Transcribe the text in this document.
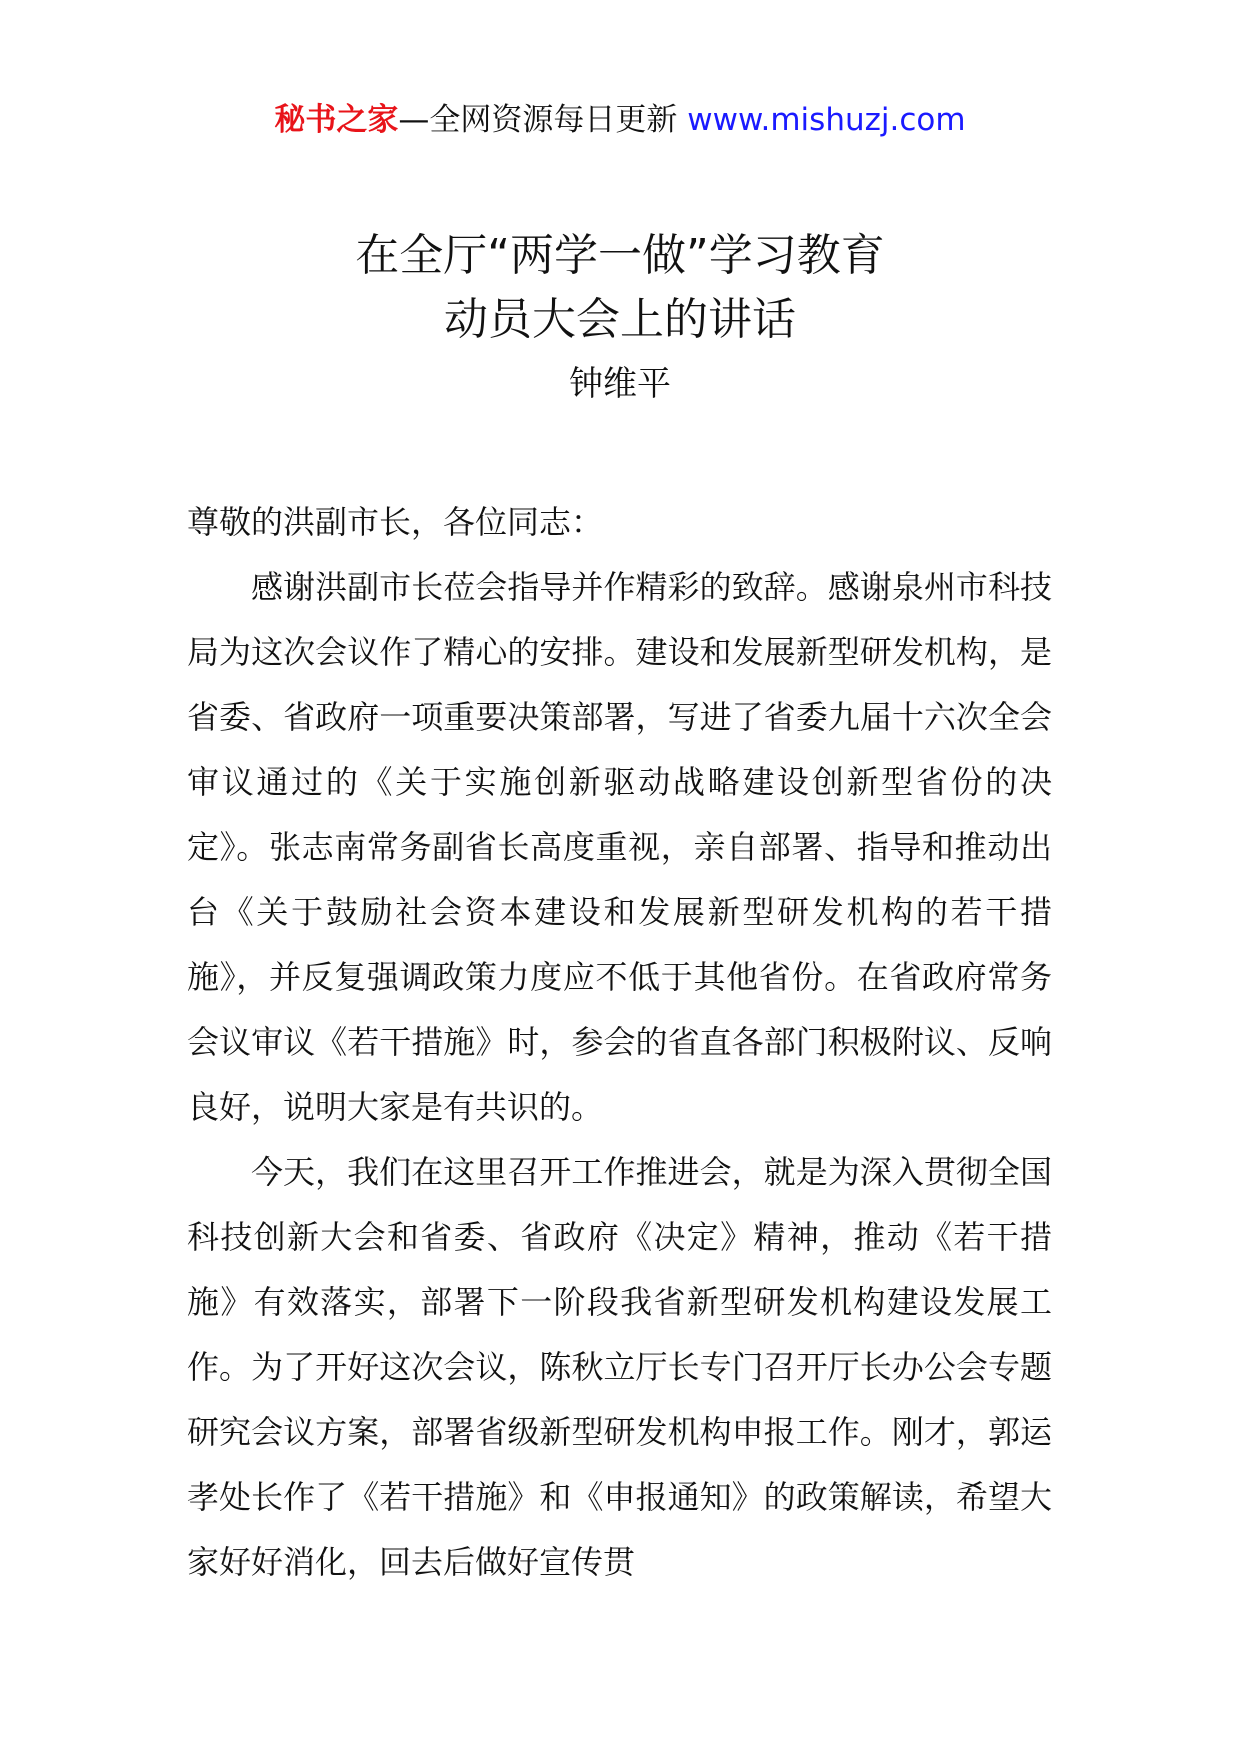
秘书之家—全网资源每日更新 www.mishuzj.com
在全厅“两学一做”学习教育
动员大会上的讲话
钟维平

尊敬的洪副市长，各位同志：

感谢洪副市长莅会指导并作精彩的致辞。感谢泉州市科技局为这次会议作了精心的安排。建设和发展新型研发机构，是省委、省政府一项重要决策部署，写进了省委九届十六次全会审议通过的《关于实施创新驱动战略建设创新型省份的决定》。张志南常务副省长高度重视，亲自部署、指导和推动出台《关于鼓励社会资本建设和发展新型研发机构的若干措施》，并反复强调政策力度应不低于其他省份。在省政府常务会议审议《若干措施》时，参会的省直各部门积极附议、反响良好，说明大家是有共识的。

今天，我们在这里召开工作推进会，就是为深入贯彻全国科技创新大会和省委、省政府《决定》精神，推动《若干措施》有效落实，部署下一阶段我省新型研发机构建设发展工作。为了开好这次会议，陈秋立厅长专门召开厅长办公会专题研究会议方案，部署省级新型研发机构申报工作。刚才，郭运孝处长作了《若干措施》和《申报通知》的政策解读，希望大家好好消化，回去后做好宣传贯
